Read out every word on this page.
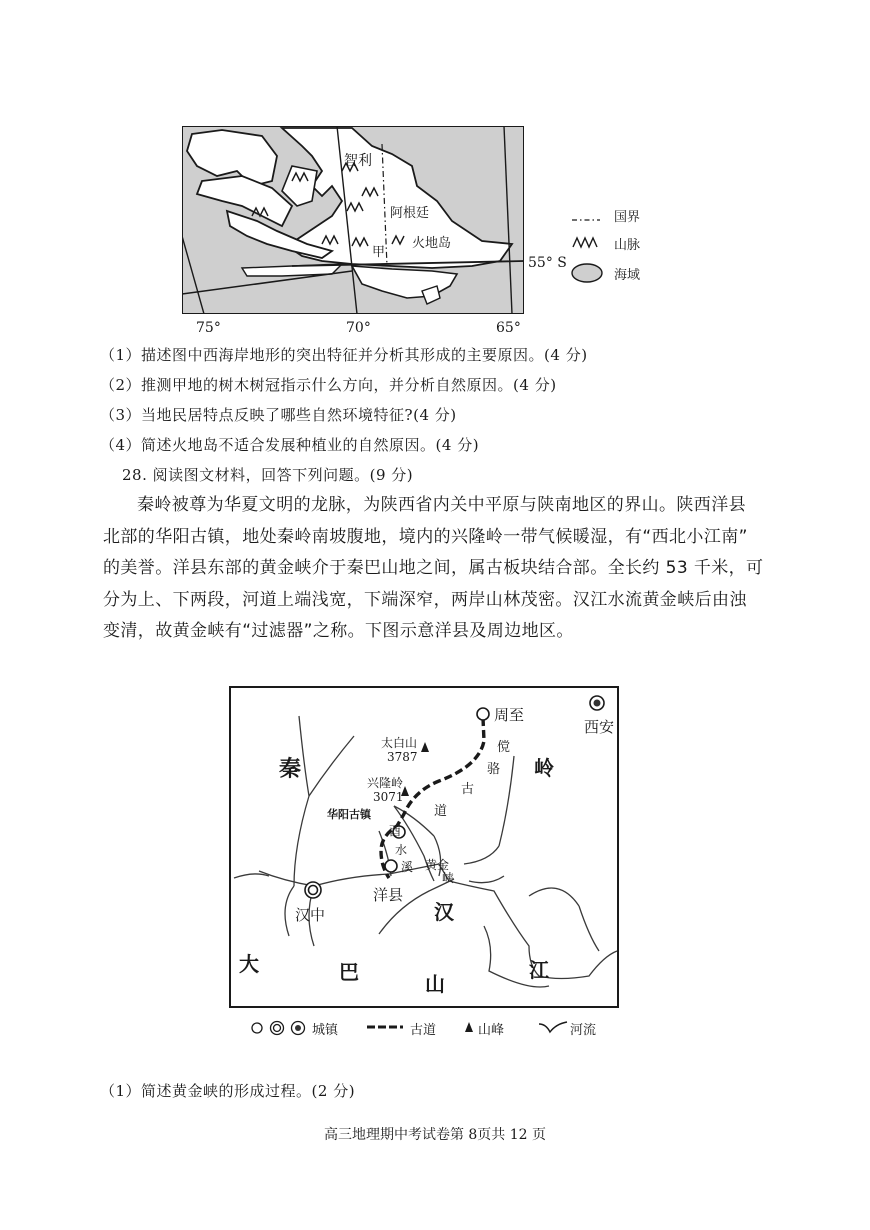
智利
阿根廷
火地岛
甲
55° S
75°	70°	65°
国界
山脉
海域
（1）描述图中西海岸地形的突出特征并分析其形成的主要原因。(4 分)
（2）推测甲地的树木树冠指示什么方向，并分析自然原因。(4 分)
（3）当地民居特点反映了哪些自然环境特征?(4 分)
（4）简述火地岛不适合发展种植业的自然原因。(4 分)
28. 阅读图文材料，回答下列问题。(9 分)
秦岭被尊为华夏文明的龙脉，为陕西省内关中平原与陕南地区的界山。陕西洋县
北部的华阳古镇，地处秦岭南坡腹地，境内的兴隆岭一带气候暖湿，有“西北小江南”
的美誉。洋县东部的黄金峡介于秦巴山地之间，属古板块结合部。全长约 53 千米，可
分为上、下两段，河道上端浅宽，下端深窄，两岸山林茂密。汉江水流黄金峡后由浊
变清，故黄金峡有“过滤器”之称。下图示意洋县及周边地区。
周至
西安
太白山
3787
兴隆岭
3071
华阳古镇
秦	岭
傥
骆
古
道
酉
水
溪 黄金
峡
洋县
汉中	汉
江
大	巴	山
城镇	古道	山峰	河流
（1）简述黄金峡的形成过程。(2 分)
高三地理期中考试卷第 8页共 12 页
